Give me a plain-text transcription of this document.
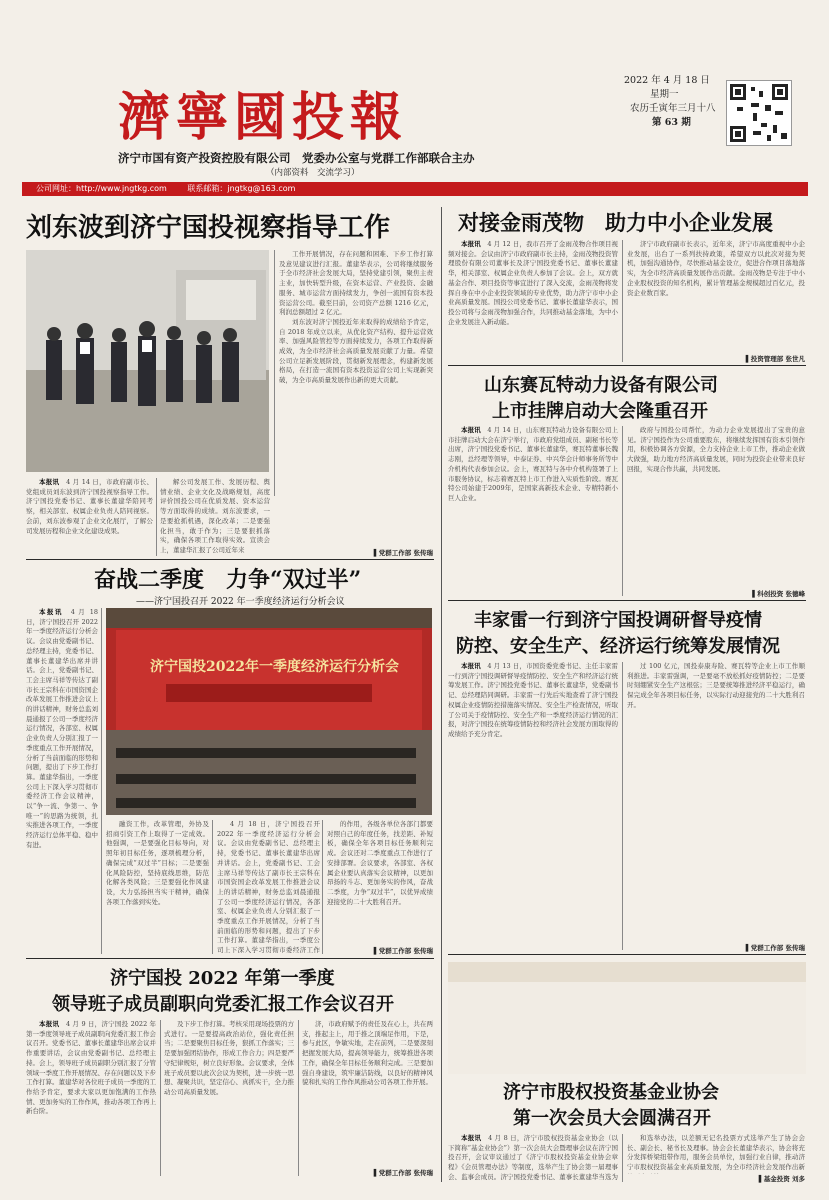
濟寧國投報
济宁市国有资产投资控股有限公司　党委办公室与党群工作部联合主办
（内部资料　交流学习）
2022 年 4 月 18 日
星期一
农历壬寅年三月十八
第 63 期
公司网址：http://www.jngtkg.com	联系邮箱：jngtkg@163.com
刘东波到济宁国投视察指导工作

工作开展情况，存在问题和困难、下步工作打算及意见建议进行汇报。董建华表示，公司将继续服务于全市经济社会发展大局，坚持党建引领，聚焦主责主业，加快转型升级，在资本运营、产业投资、金融服务、城市运营方面持续发力，争创一流国有资本投资运营公司。截至目前，公司资产总额 1216 亿元，利润总额超过 2 亿元。

刘东波对济宁国投近年来取得的成绩给予肯定，自 2018 年成立以来，从优化资产结构、提升运营效率、加强风险管控等方面持续发力，各项工作取得新成效，为全市经济社会高质量发展贡献了力量。希望公司立足新发展阶段，贯彻新发展理念，构建新发展格局，在打造一流国有资本投资运营公司上实现新突破，为全市高质量发展作出新的更大贡献。

本报讯　 4 月 14 日，市政府副市长、党组成员刘东波到济宁国投视察指导工作。济宁国投党委书记、董事长董建华陪同考察，相关部室、权属企业负责人陪同视察。会前，刘东波参观了企业文化展厅，了解公司发展历程和企业文化建设成果。

解公司发展工作、发展历程、舆情业绩、企业文化及战略规划，高度评价国投公司在优质发展、资本运营等方面取得的成绩。刘东波要求，一是要抢抓机遇，深化改革；二是要强化担当，敢于作为；三是要狠抓落实，确保各项工作取得实效。宣读会上，董建华汇报了公司近年来	▌党群工作部 张传瑞
奋战二季度　力争“双过半”
——济宁国投召开 2022 年一季度经济运行分析会议

本报讯　 4 月 18 日，济宁国投召开 2022 年一季度经济运行分析会议。会议由党委副书记、总经理主持，党委书记、董事长董建华出席并讲话。会上，党委副书记、工会主席马祥等传达了副市长王宗科在市国资国企改革发展工作推进会议上的讲话精神，财务总监刘晨通报了公司一季度经济运行情况，各部室、权属企业负责人分别汇报了一季度重点工作开展情况，分析了当前面临的形势和问题，提出了下步工作打算。董建华指出，一季度公司上下深入学习贯彻市委经济工作会议精神，以“争一流、争第一、争唯一”的思路为统领，扎实推进各项工作，一季度经济运行总体平稳、稳中有进。

济宁国投2022年一季度经济运行分析会

融资工作，改革管理，外协及招商引资工作上取得了一定成效。他强调，一是要强化目标导向，对照年初目标任务，逐项梳理分析，确保完成“双过半”目标；二是要强化风险防控，坚持底线思维，防范化解各类风险；三是要强化作风建设，大力弘扬担当实干精神，确保各项工作落到实处。

4 月 18 日，济宁国投召开 2022 年一季度经济运行分析会议。会议由党委副书记、总经理主持，党委书记、董事长董建华出席并讲话。会上，党委副书记、工会主席马祥等传达了副市长王宗科在市国资国企改革发展工作推进会议上的讲话精神，财务总监刘晨通报了公司一季度经济运行情况，各部室、权属企业负责人分别汇报了一季度重点工作开展情况，分析了当前面临的形势和问题，提出了下步工作打算。董建华指出，一季度公司上下深入学习贯彻市委经济工作

的作用，各级各单位各部门都要对照自己的年度任务，找差距、补短板，确保全年各项目标任务顺利完成。会议还对二季度重点工作进行了安排部署。会议要求，各部室、各权属企业要认真落实会议精神，以更加昂扬的斗志、更加务实的作风，奋战二季度，力争“双过半”，以优异成绩迎接党的二十大胜利召开。

▌党群工作部 张传瑞
济宁国投 2022 年第一季度
领导班子成员副职向党委汇报工作会议召开

本报讯　 4 月 9 日，济宁国投 2022 年第一季度领导班子成员副职向党委汇报工作会议召开。党委书记、董事长董建华出席会议并作重要讲话，会议由党委副书记、总经理主持。会上，领导班子成员副职分别汇报了分管领域一季度工作开展情况、存在问题以及下步工作打算。董建华对各位班子成员一季度的工作给予肯定，要求大家以更加饱满的工作热情、更加务实的工作作风，推动各项工作再上新台阶。

及下步工作打算。考核采用现场投票的方式进行。一是要提高政治站位，强化责任担当；二是要聚焦目标任务，狠抓工作落实；三是要加强团结协作，形成工作合力；四是要严守纪律规矩，树立良好形象。会议要求，全体班子成员要以此次会议为契机，进一步统一思想、凝聚共识，坚定信心、真抓实干，全力推动公司高质量发展。

济，市政府赋予的责任及在心上，共在两支，推起主上，用于推之顶端足作用，下是，参与此区，争敏实地，走在前列，二是要深刻把握发展大局，提高领导能力，统筹推进各项工作，确保全年目标任务顺利完成。三是要加强自身建设，筑牢廉洁防线，以良好的精神风貌和扎实的工作作风推动公司各项工作开展。

▌党群工作部 张传瑞
对接金雨茂物　助力中小企业发展

本报讯　 4 月 12 日，我市召开了金雨茂物合作项目视频对接会。会议由济宁市政府副市长主持，金雨茂物投资管理股份有限公司董事长及济宁国投党委书记、董事长董建华，相关部室、权属企业负责人参加了会议。会上，双方就基金合作、项目投资等事宜进行了深入交流，金雨茂物将发挥自身在中小企业投资领域的专业优势，助力济宁市中小企业高质量发展。国投公司党委书记、董事长董建华表示，国投公司将与金雨茂物加强合作，共同推动基金落地，为中小企业发展注入新动能。

济宁市政府副市长表示，近年来，济宁市高度重视中小企业发展，出台了一系列扶持政策，希望双方以此次对接为契机，加强沟通协作，尽快推动基金设立，促进合作项目落地落实，为全市经济高质量发展作出贡献。金雨茂物是专注于中小企业股权投资的知名机构，累计管理基金规模超过百亿元，投资企业数百家。

▌投资管理部 张世凡
山东赛瓦特动力设备有限公司
上市挂牌启动大会隆重召开

本报讯　 4 月 14 日，山东赛瓦特动力设备有限公司上市挂牌启动大会在济宁举行，市政府党组成员、副秘书长等出席，济宁国投党委书记、董事长董建华，赛瓦特董事长魏志刚，总经理等领导，中泰证券、中兴华会计师事务所等中介机构代表参加会议。会上，赛瓦特与各中介机构签署了上市服务协议，标志着赛瓦特上市工作进入实质性阶段。赛瓦特公司始建于2009年，是国家高新技术企业、专精特新小巨人企业。

政府与国投公司帮忙，为动力企业发展提出了宝贵的意见。济宁国投作为公司重要股东，将继续发挥国有资本引领作用，积极协调各方资源，全力支持企业上市工作，推动企业做大做强，助力地方经济高质量发展，同时为投资企业带来良好回报，实现合作共赢，共同发展。

▌科创投资 张德峰
丰家雷一行到济宁国投调研督导疫情
防控、安全生产、经济运行统筹发展情况

本报讯　 4 月 13 日，市国资委党委书记、主任丰家雷一行到济宁国投调研督导疫情防控、安全生产和经济运行统筹发展工作。济宁国投党委书记、董事长董建华，党委副书记、总经理陪同调研。丰家雷一行先后实地查看了济宁国投权属企业疫情防控措施落实情况、安全生产检查情况，听取了公司关于疫情防控、安全生产和一季度经济运行情况的汇报，对济宁国投在统筹疫情防控和经济社会发展方面取得的成绩给予充分肯定。

过 100 亿元，国投泰康寿险、赛瓦特等企业上市工作顺利推进。丰家雷强调，一是要毫不放松抓好疫情防控；二是要时刻绷紧安全生产这根弦；三是要统筹推进经济平稳运行，确保完成全年各项目标任务，以实际行动迎接党的二十大胜利召开。

▌党群工作部 张传瑞
济宁市股权投资基金业协会
第一次会员大会圆满召开

本报讯　 4 月 8 日，济宁市股权投资基金业协会（以下简称“基金业协会”）第一次会员大会暨理事会议在济宁国投召开，会议审议通过了《济宁市股权投资基金业协会章程》《会员管理办法》等制度，选举产生了协会第一届理事会、监事会成员。济宁国投党委书记、董事长董建华当选为

和选举办法，以差额无记名投票方式选举产生了协会会长、副会长、秘书长及理事。协会会长董建华表示，协会将充分发挥桥梁纽带作用，服务会员单位，加强行业自律，推动济宁市股权投资基金业高质量发展，为全市经济社会发展作出新

▌基金投资 刘多
